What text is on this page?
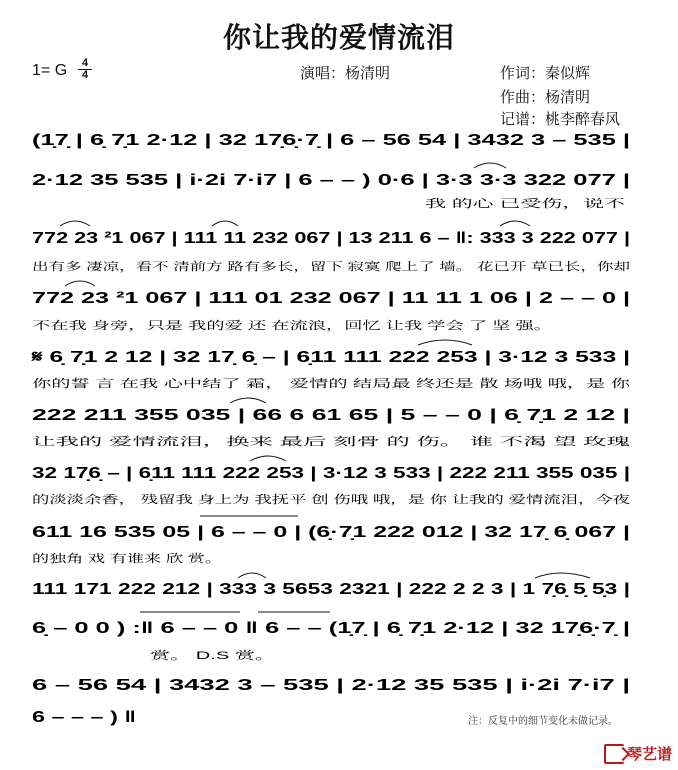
你让我的爱情流泪
1= G $\frac{4}{4}$	演唱：杨清明	作词：秦似辉
作曲：杨清明
记谱：桃李醉春风
(1̣7̣ | 6̣ 7̣1 2·12 | 32 17̣6̣·7̣ | 6 – 56 54 | 3432 3 – 535 |
2·12 35 535 | i·2i 7·i7 | 6 – – ) 0·6 | 3·3 3·3 322 077 |
我 的心 已受伤，说不
772 23 ²1 067 | 111 11 232 067 | 13 211 6 – ‖: 333 3 222 077 |
出有多 凄凉，看不 清前方 路有多长，留下 寂寞 爬上了 墙。 花已开 草已长，你却
772 23 ²1 067 | 111 01 232 067 | 11 11 1 06 | 2 – – 0 |
不在我 身旁，只是 我的爱 还 在流浪，回忆 让我 学会 了 坚 强。
𝄋 6̣ 7̣1 2 12 | 32 17̣ 6̣ – | 6̣11 111 222 253 | 3·12 3 533 |
你的誓 言 在我 心中结了 霜， 爱情的 结局最 终还是 散 场哦 哦，是 你
222 211 355 035 | 66 6 61 65 | 5 – – 0 | 6̣ 7̣1 2 12 |
让我的 爱情流泪，换来 最后 刻骨 的 伤。 谁 不渴 望 玫瑰
32 17̣6̣ – | 6̣11 111 222 253 | 3·12 3 533 | 222 211 355 035 |
的淡淡余香， 残留我 身上为 我抚平 创 伤哦 哦，是 你 让我的 爱情流泪，今夜
611 16 535 05 | 6 – – 0 | (6̣·7̣1 222 012 | 32 17̣ 6̣ 067 |
的独角 戏 有谁来 欣 赏。
111 171 222 212 | 333 3 5653 2321 | 222 2 2 3 | 1 7̣6̣ 5̣ 5̣3 |
6̣ – 0 0 ) :‖ 6 – – 0 ‖ 6 – – (1̣7̣ | 6̣ 7̣1 2·12 | 32 17̣6̣·7̣ |
赏。 D.S 赏。
6 – 56 54 | 3432 3 – 535 | 2·12 35 535 | i·2i 7·i7 |
6 – – – ) ‖	注：反复中的细节变化未做记录。
琴艺谱
